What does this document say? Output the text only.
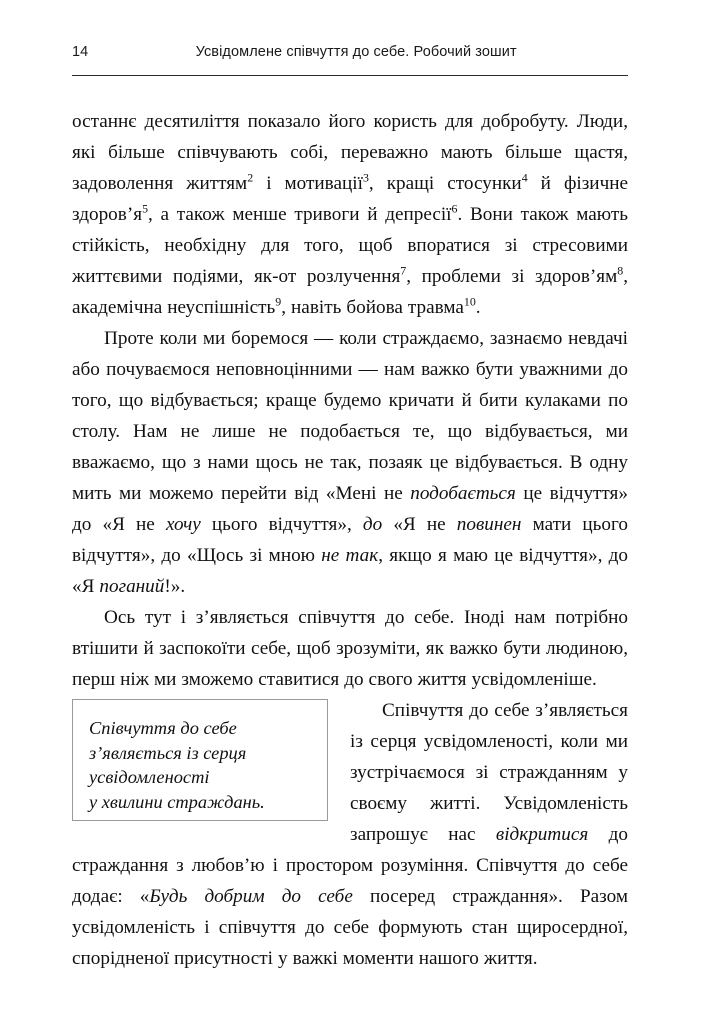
14	Усвідомлене співчуття до себе. Робочий зошит

останнє десятиліття показало його користь для добробуту. Люди, які більше співчувають собі, переважно мають більше щастя, задоволення життям$^2$ і мотивації$^3$, кращі стосунки$^4$ й фізичне $здоров’я^5$, а також менше тривоги й депресії$^6$. Вони також мають стійкість, необхідну для того, щоб впоратися зі стресовими життєвими подіями, як-от розлучення$^7$, проблеми зі $здоров’ям^8$, академічна неуспішність$^9$, навіть бойова травма$^{10}$.

Проте коли ми боремося — коли страждаємо, зазнаємо невдачі або почуваємося неповноцінними — нам важко бути уважними до того, що відбувається; краще будемо кричати й бити кулаками по столу. Нам не лише не подобається те, що відбувається, ми вважаємо, що з нами щось не так, позаяк це відбувається. В одну мить ми можемо перейти від «Мені не подобається це відчуття» до «Я не хочу цього відчуття», до «Я не повинен мати цього відчуття», до «Щось зі мною не так, якщо я маю це відчуття», до «Я поганий!».

Ось тут і з’являється співчуття до себе. Іноді нам потрібно втішити й заспокоїти себе, щоб зрозуміти, як важко бути людиною, перш ніж ми зможемо ставитися до свого життя усвідомленіше.

Співчуття до себе
з’являється із серця
усвідомленості
у хвилини страждань.

Співчуття до себе з’являється із серця усвідомленості, коли ми зустрічаємося зі стражданням у своєму житті. Усвідомленість запрошує нас відкритися до страждання з любов’ю і простором розуміння. Співчуття до себе додає: «Будь добрим до себе посеред страждання». Разом усвідомленість і співчуття до себе формують стан щиросердної, спорідненої присутності у важкі моменти нашого життя.
